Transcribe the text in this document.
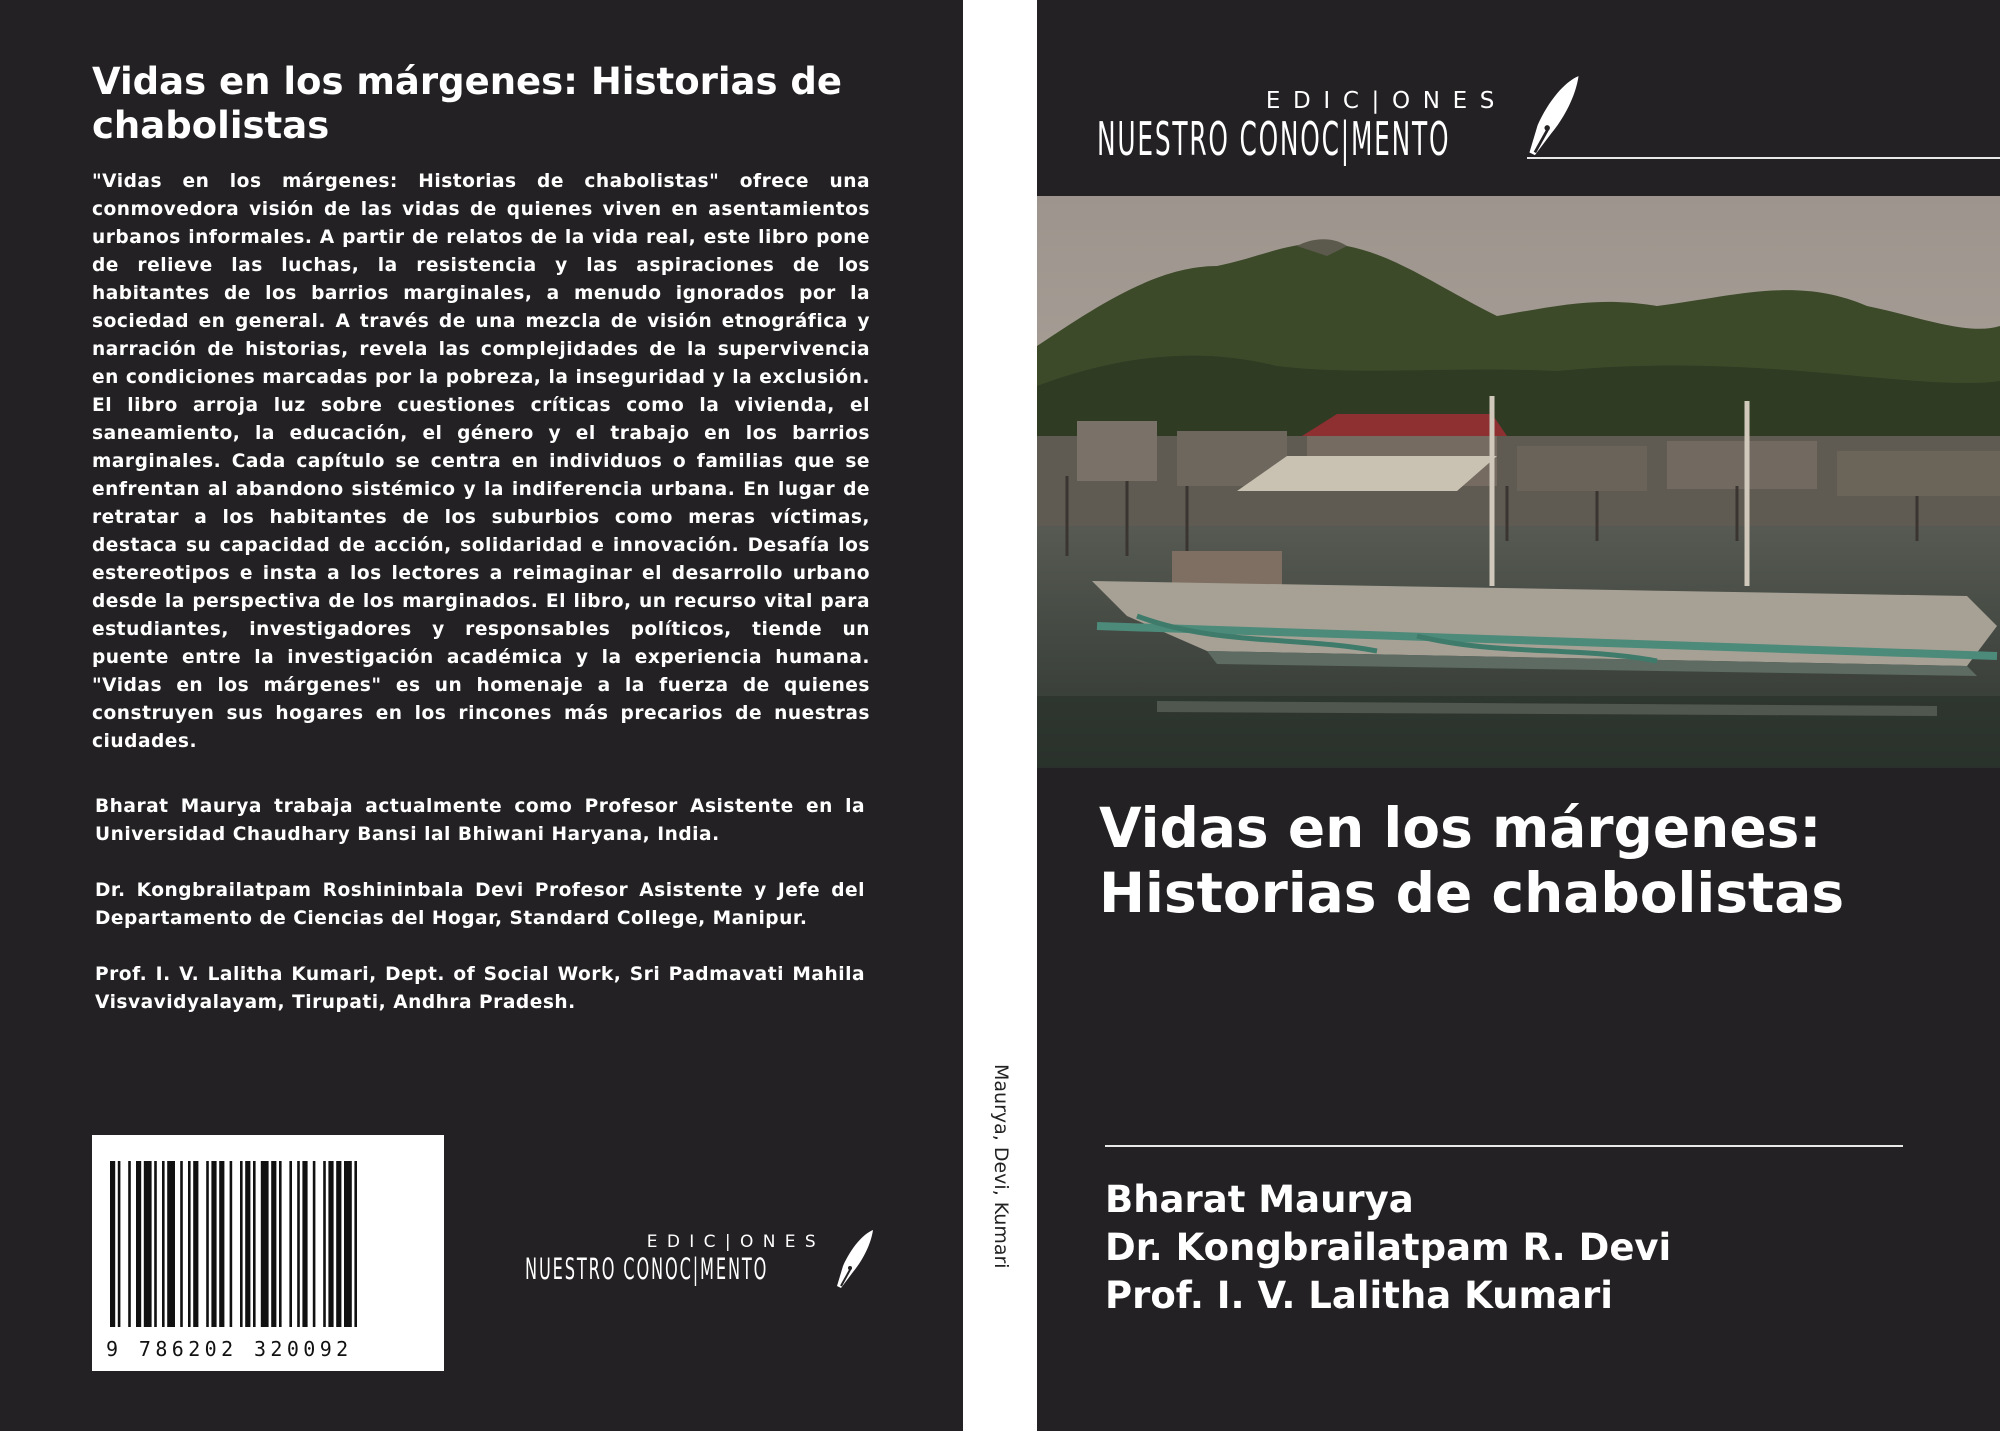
Vidas en los márgenes: Historias de chabolistas

"Vidas en los márgenes: Historias de chabolistas" ofrece una conmovedora visión de las vidas de quienes viven en asentamientos urbanos informales. A partir de relatos de la vida real, este libro pone de relieve las luchas, la resistencia y las aspiraciones de los habitantes de los barrios marginales, a menudo ignorados por la sociedad en general. A través de una mezcla de visión etnográfica y narración de historias, revela las complejidades de la supervivencia en condiciones marcadas por la pobreza, la inseguridad y la exclusión. El libro arroja luz sobre cuestiones críticas como la vivienda, el saneamiento, la educación, el género y el trabajo en los barrios marginales. Cada capítulo se centra en individuos o familias que se enfrentan al abandono sistémico y la indiferencia urbana. En lugar de retratar a los habitantes de los suburbios como meras víctimas, destaca su capacidad de acción, solidaridad e innovación. Desafía los estereotipos e insta a los lectores a reimaginar el desarrollo urbano desde la perspectiva de los marginados. El libro, un recurso vital para estudiantes, investigadores y responsables políticos, tiende un puente entre la investigación académica y la experiencia humana. "Vidas en los márgenes" es un homenaje a la fuerza de quienes construyen sus hogares en los rincones más precarios de nuestras ciudades.

Bharat Maurya trabaja actualmente como Profesor Asistente en la Universidad Chaudhary Bansi lal Bhiwani Haryana, India.

Dr. Kongbrailatpam Roshininbala Devi Profesor Asistente y Jefe del Departamento de Ciencias del Hogar, Standard College, Manipur.

Prof. I. V. Lalitha Kumari, Dept. of Social Work, Sri Padmavati Mahila Visvavidyalayam, Tirupati, Andhra Pradesh.

9 786202 320092
EDIC|ONES
NUESTRO CONOC|MENTO
Maurya, Devi, Kumari
EDIC|ONES
NUESTRO CONOC|MENTO
Vidas en los márgenes: Historias de chabolistas
Bharat Maurya
Dr. Kongbrailatpam R. Devi
Prof. I. V. Lalitha Kumari
